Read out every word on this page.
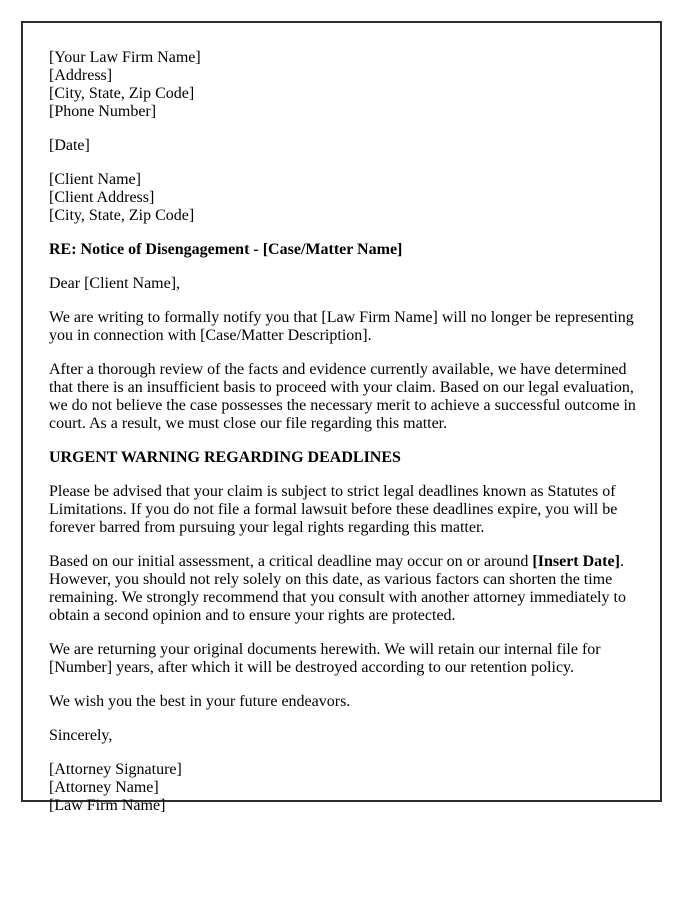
[Your Law Firm Name]
[Address]
[City, State, Zip Code]
[Phone Number]

[Date]

[Client Name]
[Client Address]
[City, State, Zip Code]

RE: Notice of Disengagement - [Case/Matter Name]

Dear [Client Name],

We are writing to formally notify you that [Law Firm Name] will no longer be representing you in connection with [Case/Matter Description].

After a thorough review of the facts and evidence currently available, we have determined that there is an insufficient basis to proceed with your claim. Based on our legal evaluation, we do not believe the case possesses the necessary merit to achieve a successful outcome in court. As a result, we must close our file regarding this matter.

URGENT WARNING REGARDING DEADLINES

Please be advised that your claim is subject to strict legal deadlines known as Statutes of Limitations. If you do not file a formal lawsuit before these deadlines expire, you will be forever barred from pursuing your legal rights regarding this matter.

Based on our initial assessment, a critical deadline may occur on or around [Insert Date]. However, you should not rely solely on this date, as various factors can shorten the time remaining. We strongly recommend that you consult with another attorney immediately to obtain a second opinion and to ensure your rights are protected.

We are returning your original documents herewith. We will retain our internal file for [Number] years, after which it will be destroyed according to our retention policy.

We wish you the best in your future endeavors.

Sincerely,

[Attorney Signature]
[Attorney Name]
[Law Firm Name]
